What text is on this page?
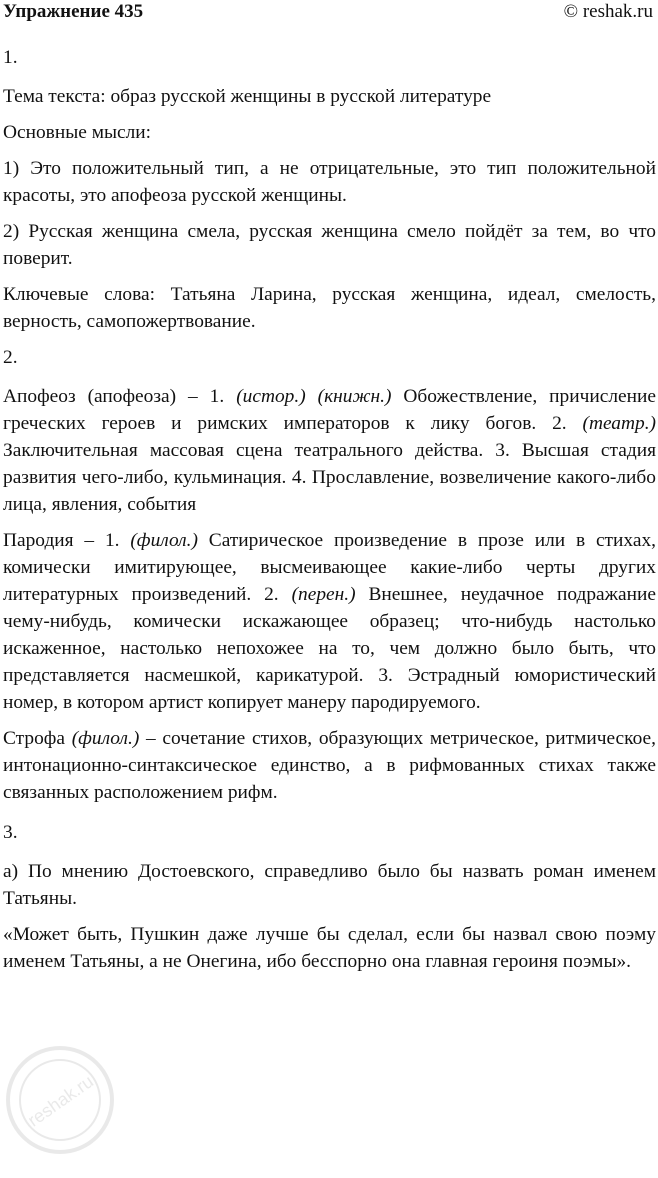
Упражнение 435	© reshak.ru

1.

Тема текста: образ русской женщины в русской литературе

Основные мысли:

1) Это положительный тип, а не отрицательные, это тип положительной красоты, это апофеоза русской женщины.

2) Русская женщина смела, русская женщина смело пойдёт за тем, во что поверит.

Ключевые слова: Татьяна Ларина, русская женщина, идеал, смелость, верность, самопожертвование.

2.

Апофеоз (апофеоза) – 1. (истор.) (книжн.) Обожествление, причисление греческих героев и римских императоров к лику богов. 2. (театр.) Заключительная массовая сцена театрального действа. 3. Высшая стадия развития чего-либо, кульминация. 4. Прославление, возвеличение какого-либо лица, явления, события

Пародия – 1. (филол.) Сатирическое произведение в прозе или в стихах, комически имитирующее, высмеивающее какие-либо черты других литературных произведений. 2. (перен.) Внешнее, неудачное подражание чему-нибудь, комически искажающее образец; что-нибудь настолько искаженное, настолько непохожее на то, чем должно было быть, что представляется насмешкой, карикатурой. 3. Эстрадный юмористический номер, в котором артист копирует манеру пародируемого.

Строфа (филол.) – сочетание стихов, образующих метрическое, ритмическое, интонационно-синтаксическое единство, а в рифмованных стихах также связанных расположением рифм.

3.

а) По мнению Достоевского, справедливо было бы назвать роман именем Татьяны.

«Может быть, Пушкин даже лучше бы сделал, если бы назвал свою поэму именем Татьяны, а не Онегина, ибо бесспорно она главная героиня поэмы».

reshak.ru
